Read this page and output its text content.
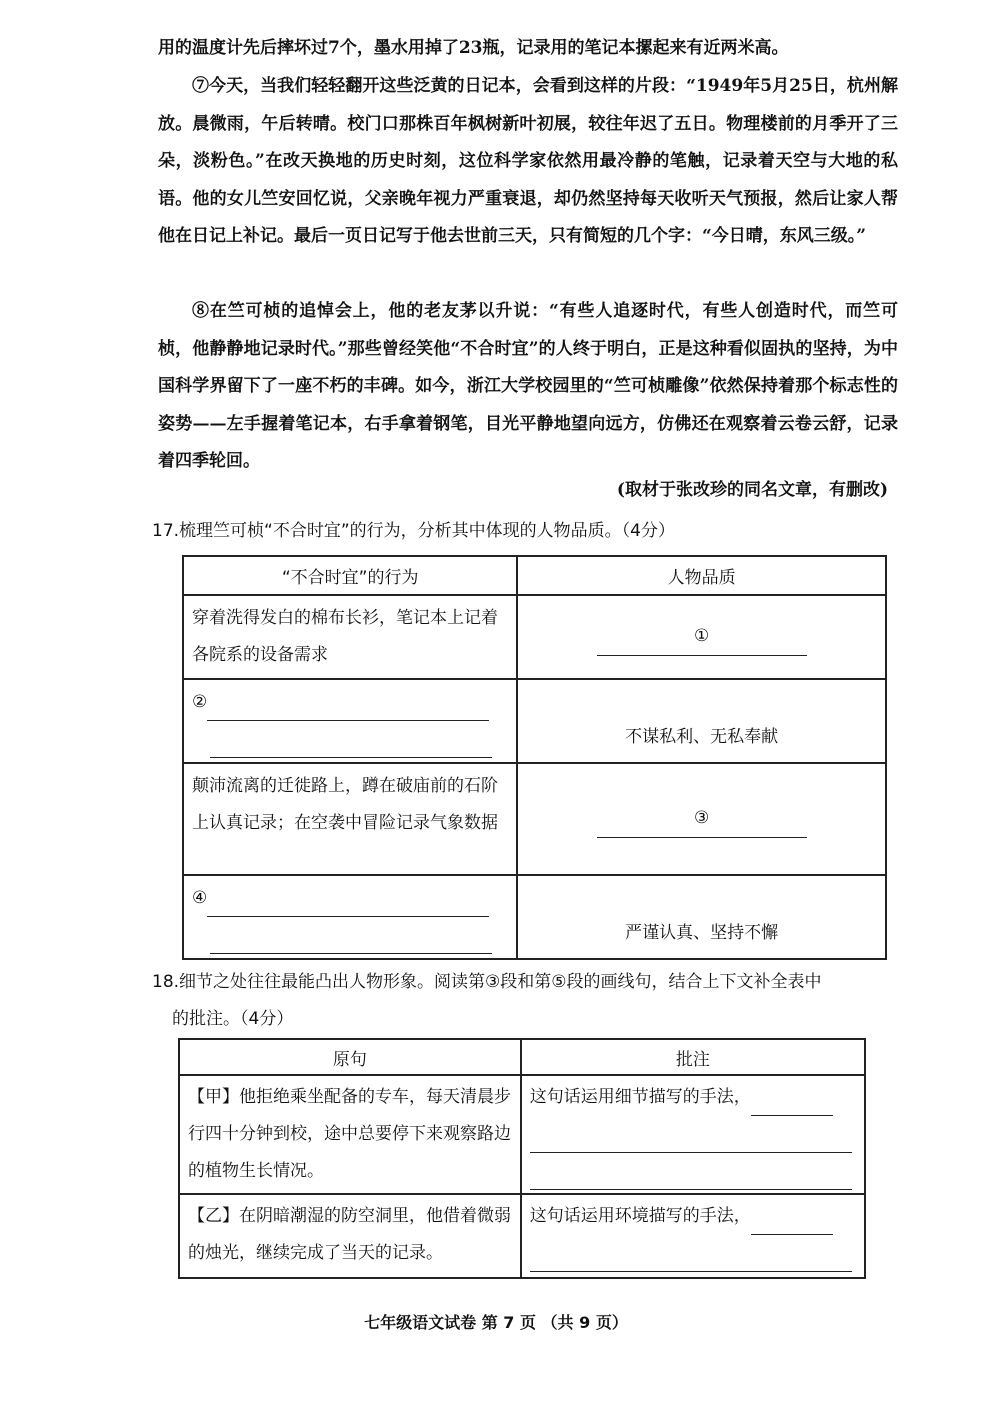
用的温度计先后摔坏过7个，墨水用掉了23瓶，记录用的笔记本摞起来有近两米高。

⑦今天，当我们轻轻翻开这些泛黄的日记本，会看到这样的片段：“1949年5月25日，杭州解放。晨微雨，午后转晴。校门口那株百年枫树新叶初展，较往年迟了五日。物理楼前的月季开了三朵，淡粉色。”在改天换地的历史时刻，这位科学家依然用最冷静的笔触，记录着天空与大地的私语。他的女儿竺安回忆说，父亲晚年视力严重衰退，却仍然坚持每天收听天气预报，然后让家人帮他在日记上补记。最后一页日记写于他去世前三天，只有简短的几个字：“今日晴，东风三级。”

⑧在竺可桢的追悼会上，他的老友茅以升说：“有些人追逐时代，有些人创造时代，而竺可桢，他静静地记录时代。”那些曾经笑他“不合时宜”的人终于明白，正是这种看似固执的坚持，为中国科学界留下了一座不朽的丰碑。如今，浙江大学校园里的“竺可桢雕像”依然保持着那个标志性的姿势——左手握着笔记本，右手拿着钢笔，目光平静地望向远方，仿佛还在观察着云卷云舒，记录着四季轮回。

(取材于张改珍的同名文章，有删改)

17.梳理竺可桢“不合时宜”的行为，分析其中体现的人物品质。（4分）

“不合时宜”的行为	人物品质
穿着洗得发白的棉布长衫，笔记本上记着各院系的设备需求	①
②	不谋私利、无私奉献
颠沛流离的迁徙路上，蹲在破庙前的石阶上认真记录；在空袭中冒险记录气象数据	③
④	严谨认真、坚持不懈
18.细节之处往往最能凸出人物形象。阅读第③段和第⑤段的画线句，结合上下文补全表中
的批注。（4分）
原句	批注
【甲】他拒绝乘坐配备的专车，每天清晨步行四十分钟到校，途中总要停下来观察路边的植物生长情况。	这句话运用细节描写的手法，

【乙】在阴暗潮湿的防空洞里，他借着微弱的烛光，继续完成了当天的记录。	这句话运用环境描写的手法，

七年级语文试卷 第 7 页 （共 9 页）
